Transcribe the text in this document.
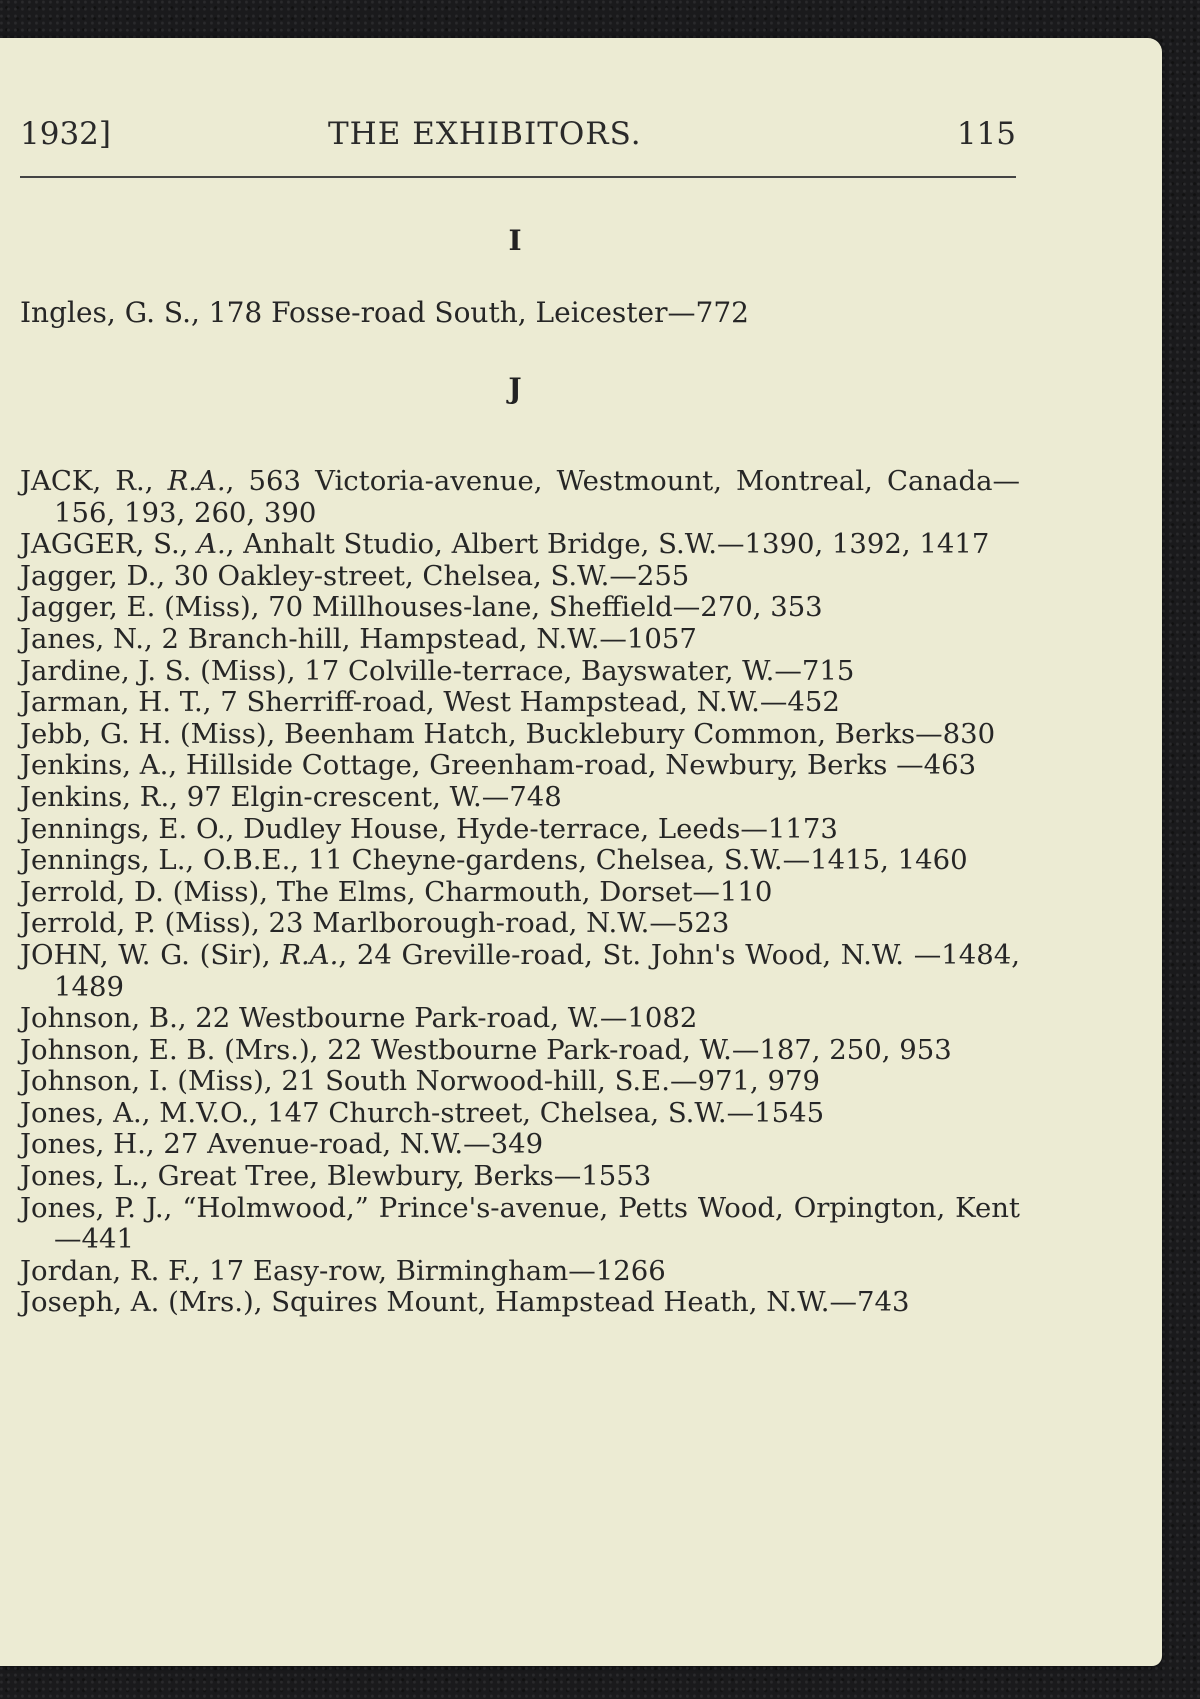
1932]	THE EXHIBITORS.	115
I
Ingles, G. S., 178 Fosse-road South, Leicester—772
J
JACK, R., R.A., 563 Victoria-avenue, Westmount, Montreal, Canada—156, 193, 260, 390
JAGGER, S., A., Anhalt Studio, Albert Bridge, S.W.—1390, 1392, 1417
Jagger, D., 30 Oakley-street, Chelsea, S.W.—255
Jagger, E. (Miss), 70 Millhouses-lane, Sheffield—270, 353
Janes, N., 2 Branch-hill, Hampstead, N.W.—1057
Jardine, J. S. (Miss), 17 Colville-terrace, Bayswater, W.—715
Jarman, H. T., 7 Sherriff-road, West Hampstead, N.W.—452
Jebb, G. H. (Miss), Beenham Hatch, Bucklebury Common, Berks—830
Jenkins, A., Hillside Cottage, Greenham-road, Newbury, Berks —463
Jenkins, R., 97 Elgin-crescent, W.—748
Jennings, E. O., Dudley House, Hyde-terrace, Leeds—1173
Jennings, L., O.B.E., 11 Cheyne-gardens, Chelsea, S.W.—1415, 1460
Jerrold, D. (Miss), The Elms, Charmouth, Dorset—110
Jerrold, P. (Miss), 23 Marlborough-road, N.W.—523
JOHN, W. G. (Sir), R.A., 24 Greville-road, St. John's Wood, N.W. —1484, 1489
Johnson, B., 22 Westbourne Park-road, W.—1082
Johnson, E. B. (Mrs.), 22 Westbourne Park-road, W.—187, 250, 953
Johnson, I. (Miss), 21 South Norwood-hill, S.E.—971, 979
Jones, A., M.V.O., 147 Church-street, Chelsea, S.W.—1545
Jones, H., 27 Avenue-road, N.W.—349
Jones, L., Great Tree, Blewbury, Berks—1553
Jones, P. J., “Holmwood,” Prince's-avenue, Petts Wood, Orpington, Kent—441
Jordan, R. F., 17 Easy-row, Birmingham—1266
Joseph, A. (Mrs.), Squires Mount, Hampstead Heath, N.W.—743
